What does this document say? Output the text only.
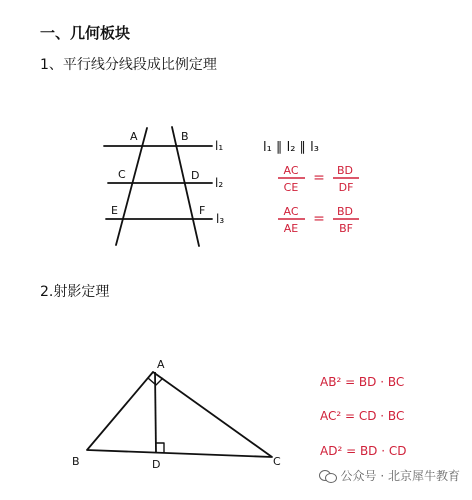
一、几何板块
1、平行线分线段成比例定理
2.射影定理
A	B
C	D
E	F
l₁
l₂
l₃
l₁ ∥ l₂ ∥ l₃
AC
CE
= BD
DF
AC
AE
= BD
BF
A
B	D	C
AB² = BD · BC
AC² = CD · BC
AD² = BD · CD
公众号 · 北京犀牛教育
